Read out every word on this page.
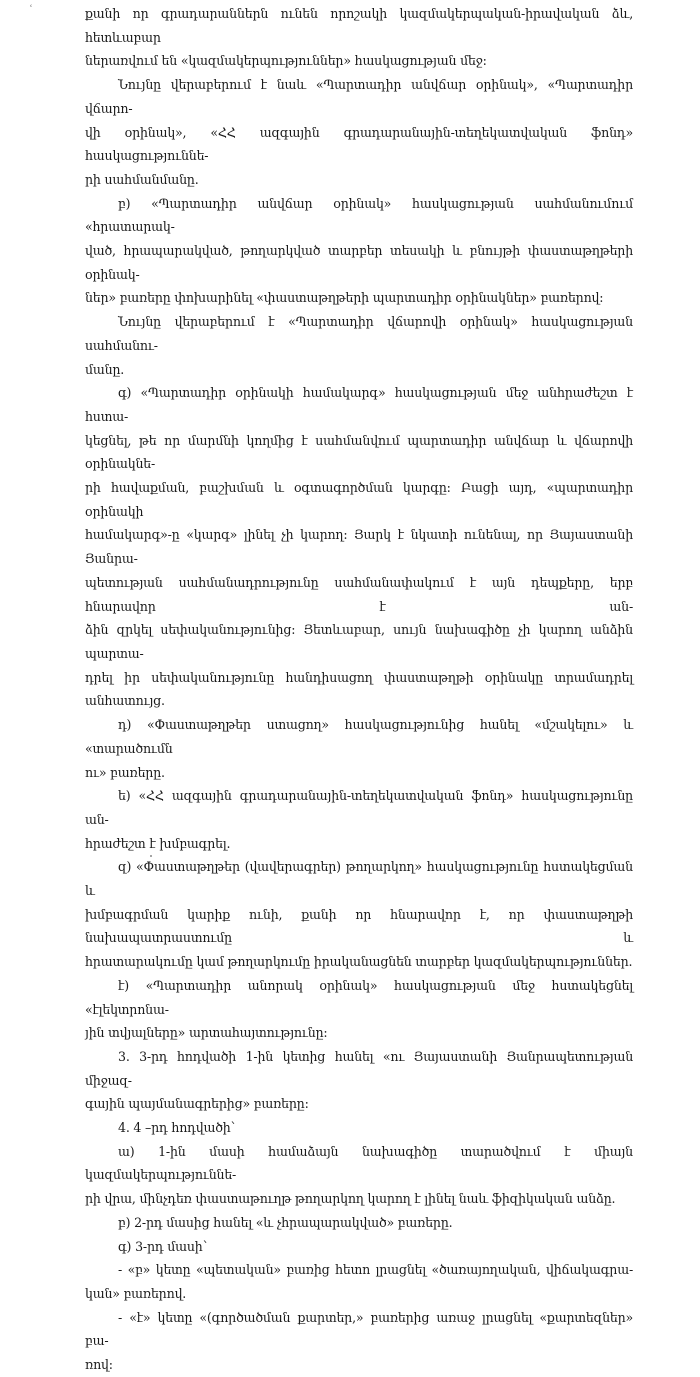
ՙ	քանի որ գրադարաններն ունեն որոշակի կազմակերպական-իրավական ձև, հետևաբար

ներառվում են «կազմակերպություններ» հասկացության մեջ:

Նույնը վերաբերում է նաև «Պարտադիր անվճար օրինակ», «Պարտադիր վճարո-

վի օրինակ», «ՀՀ ազգային գրադարանային-տեղեկատվական ֆոնդ» հասկացություննե-

րի սահմանմանը.

բ) «Պարտադիր անվճար օրինակ» հասկացության սահմանումում «հրատարակ-

ված, հրապարակված, թողարկված տարբեր տեսակի և բնույթի փաստաթղթերի օրինակ-

ներ» բառերը փոխարինել «փաստաթղթերի պարտադիր օրինակներ» բառերով:

Նույնը վերաբերում է «Պարտադիր վճարովի օրինակ» հասկացության սահմանու-

մանը.

գ) «Պարտադիր օրինակի համակարգ» հասկացության մեջ անհրաժեշտ է հստա-

կեցնել, թե որ մարմնի կողմից է սահմանվում պարտադիր անվճար և վճարովի օրինակնե-

րի հավաքման, բաշխման և օգտագործման կարգը: Բացի այդ, «պարտադիր օրինակի

համակարգ»-ը «կարգ» լինել չի կարող: Յարկ է նկատի ունենալ, որ Յայաստանի Յանրա-

պետության սահմանադրությունը սահմանափակում է այն դեպքերը, երբ հնարավոր է ան-

ձին զրկել սեփականությունից: Յետևաբար, սույն նախագիծը չի կարող անձին պարտա-

դրել իր սեփականությունը հանդիսացող փաստաթղթի օրինակը տրամադրել անհատույց.

դ) «Փաստաթղթեր ստացող» հասկացությունից հանել «մշակելու» և «տարածումն

ու» բառերը.

ե) «ՀՀ ազգային գրադարանային-տեղեկատվական ֆոնդ» հասկացությունը ան-

հրաժեշտ է խմբագրել.

զ) «Փաստաթղթեր (վավերագրեր) թողարկող» հասկացությունը հստակեցման և

խմբագրման կարիք ունի, քանի որ հնարավոր է, որ փաստաթղթի նախապատրաստումը և

հրատարակումը կամ թողարկումը իրականացնեն տարբեր կազմակերպություններ.

է) «Պարտադիր անորակ օրինակ» հասկացության մեջ հստակեցնել «էլեկտրոնա-

յին տվյալները» արտահայտությունը:

3. 3-րդ հոդվածի 1-ին կետից հանել «ու Յայաստանի Յանրապետության միջազ-

գային պայմանագրերից» բառերը:

4. 4 –րդ հոդվածի`

ա) 1-ին մասի համաձայն նախագիծը տարածվում է միայն կազմակերպություննե-

րի վրա, մինչդեռ փաստաթուղթ թողարկող կարող է լինել նաև ֆիզիկական անձը.

բ) 2-րդ մասից հանել «և չհրապարակված» բառերը.

գ) 3-րդ մասի`

- «բ» կետը «պետական» բառից հետո լրացնել «ծառայողական, վիճակագրա-

կան» բառերով.

- «է» կետը «(գործածման քարտեր,» բառերից առաջ լրացնել «քարտեզներ» բա-

ռով:
